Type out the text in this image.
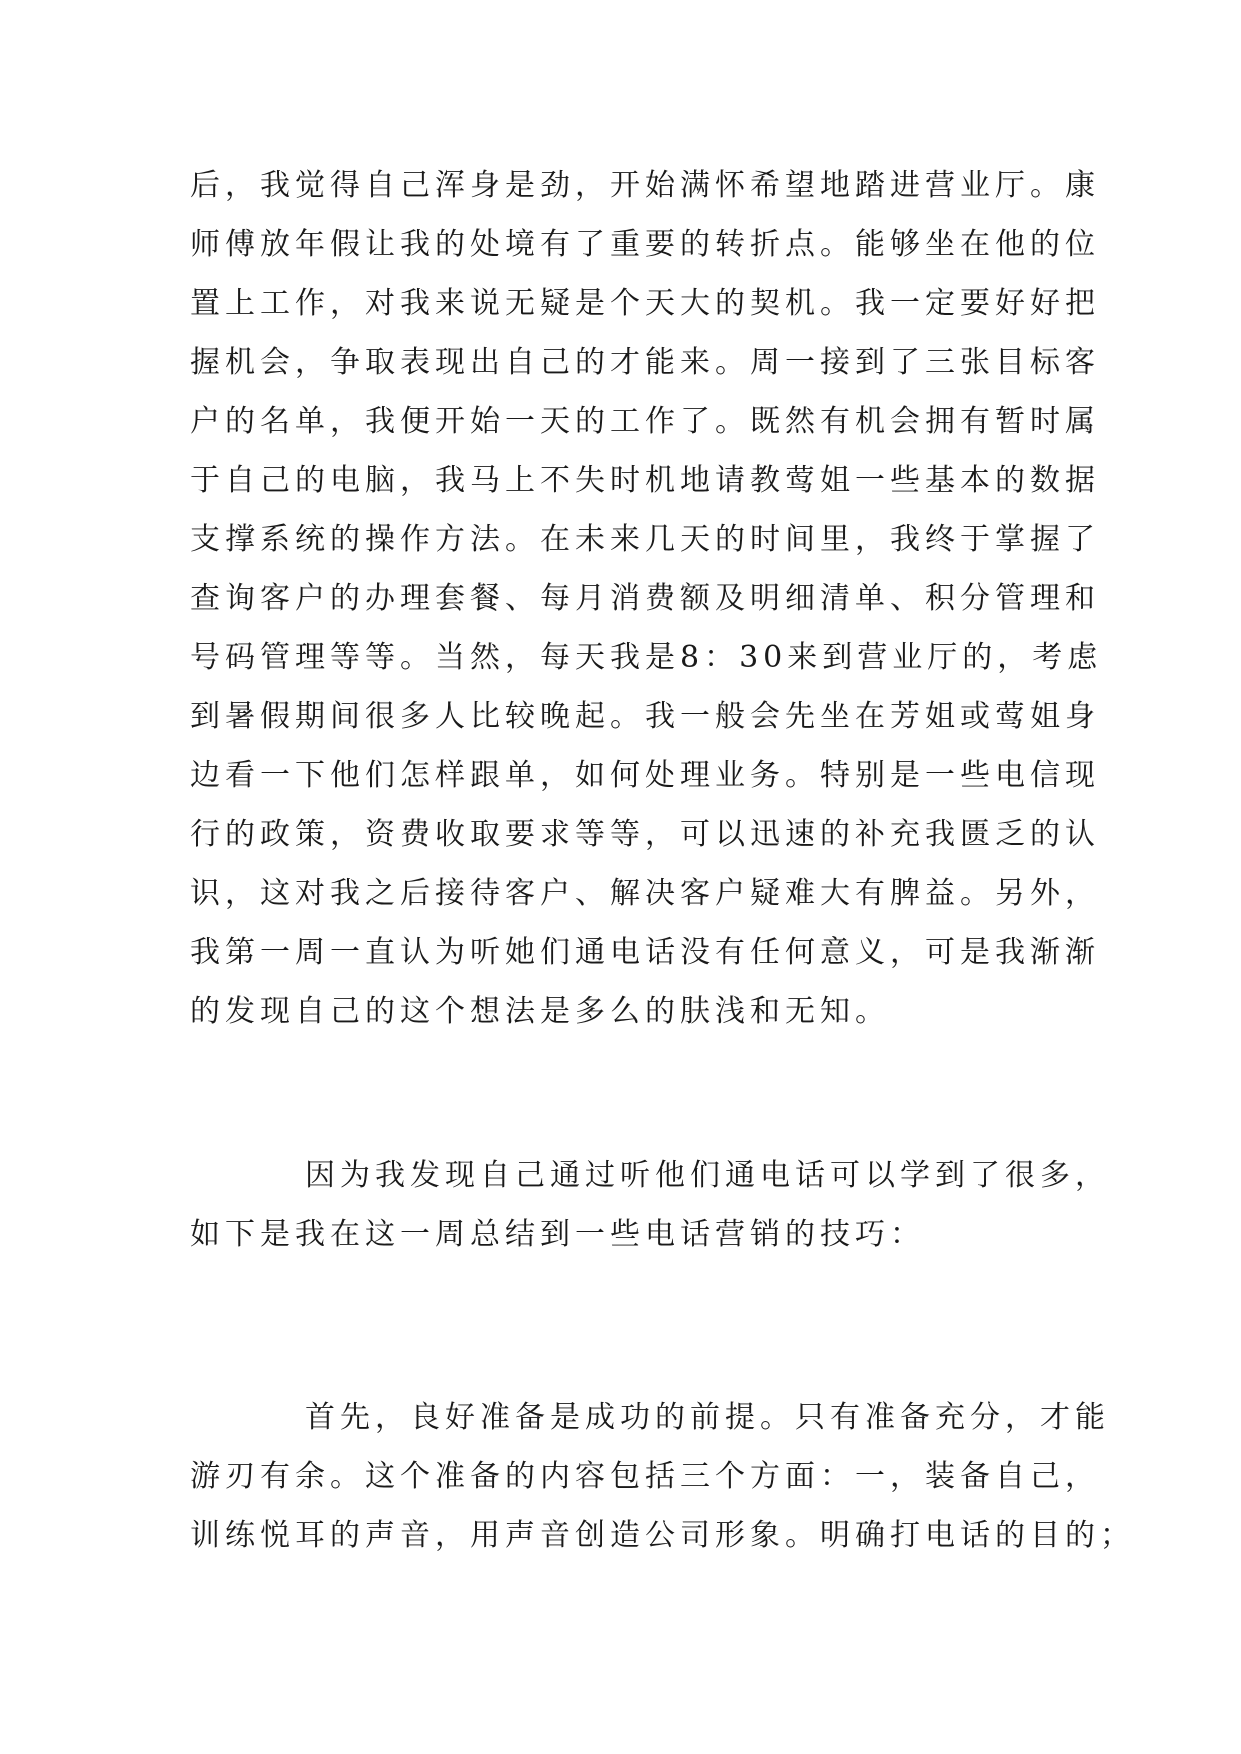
后，我觉得自己浑身是劲，开始满怀希望地踏进营业厅。康
师傅放年假让我的处境有了重要的转折点。能够坐在他的位
置上工作，对我来说无疑是个天大的契机。我一定要好好把
握机会，争取表现出自己的才能来。周一接到了三张目标客
户的名单，我便开始一天的工作了。既然有机会拥有暂时属
于自己的电脑，我马上不失时机地请教莺姐一些基本的数据
支撑系统的操作方法。在未来几天的时间里，我终于掌握了
查询客户的办理套餐、每月消费额及明细清单、积分管理和
号码管理等等。当然，每天我是8：30来到营业厅的，考虑
到暑假期间很多人比较晚起。我一般会先坐在芳姐或莺姐身
边看一下他们怎样跟单，如何处理业务。特别是一些电信现
行的政策，资费收取要求等等，可以迅速的补充我匮乏的认
识，这对我之后接待客户、解决客户疑难大有脾益。另外，
我第一周一直认为听她们通电话没有任何意义，可是我渐渐
的发现自己的这个想法是多么的肤浅和无知。
因为我发现自己通过听他们通电话可以学到了很多，
如下是我在这一周总结到一些电话营销的技巧：
首先，良好准备是成功的前提。只有准备充分，才能
游刃有余。这个准备的内容包括三个方面：一，装备自己，
训练悦耳的声音，用声音创造公司形象。明确打电话的目的；
